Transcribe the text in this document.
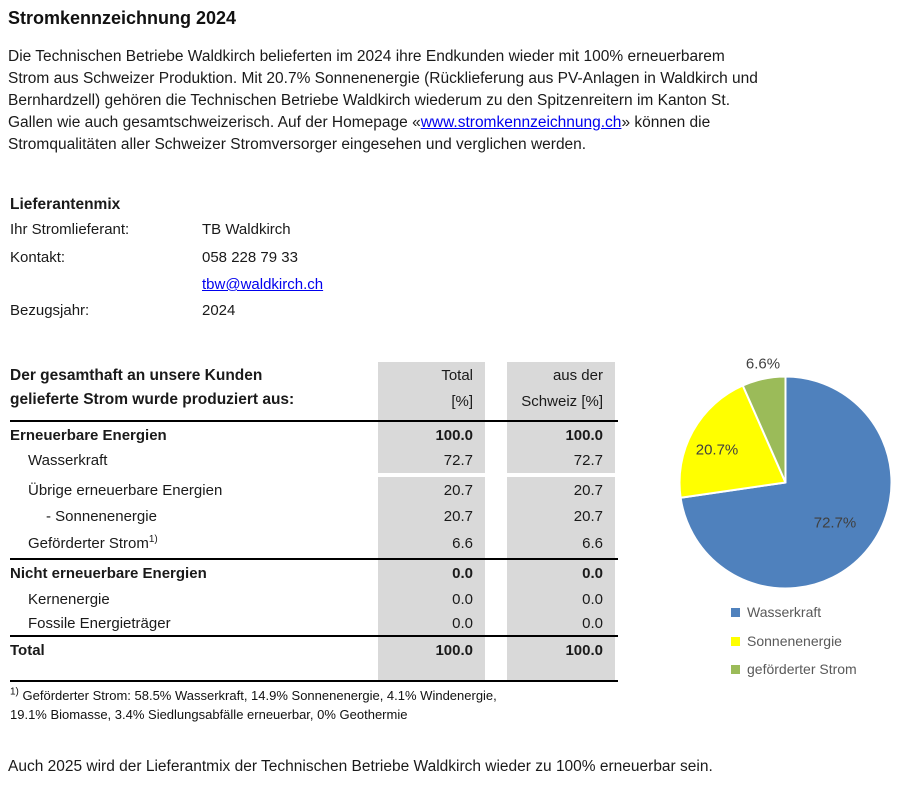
Stromkennzeichnung 2024
Die Technischen Betriebe Waldkirch belieferten im 2024 ihre Endkunden wieder mit 100% erneuerbarem
Strom aus Schweizer Produktion. Mit 20.7% Sonnenenergie (Rücklieferung aus PV-Anlagen in Waldkirch und
Bernhardzell) gehören die Technischen Betriebe Waldkirch wiederum zu den Spitzenreitern im Kanton St.
Gallen wie auch gesamtschweizerisch. Auf der Homepage «www.stromkennzeichnung.ch» können die
Stromqualitäten aller Schweizer Stromversorger eingesehen und verglichen werden.
Lieferantenmix
Ihr Stromlieferant:	TB Waldkirch
Kontakt:	058 228 79 33
tbw@waldkirch.ch
Bezugsjahr:	2024
Der gesamthaft an unsere Kunden
gelieferte Strom wurde produziert aus:
Total
[%]
aus der
Schweiz [%]
Erneuerbare Energien	100.0	100.0
Wasserkraft	72.7	72.7
Übrige erneuerbare Energien	20.7	20.7
- Sonnenenergie	20.7	20.7
Geförderter Strom$^{1)}$	6.6	6.6
Nicht erneuerbare Energien	0.0	0.0
Kernenergie	0.0	0.0
Fossile Energieträger	0.0	0.0
Total	100.0	100.0
$^{1)}$ Geförderter Strom: 58.5% Wasserkraft, 14.9% Sonnenenergie, 4.1% Windenergie,
19.1% Biomasse, 3.4% Siedlungsabfälle erneuerbar, 0% Geothermie
Auch 2025 wird der Lieferantmix der Technischen Betriebe Waldkirch wieder zu 100% erneuerbar sein.
6.6%
20.7%
72.7%
Wasserkraft
Sonnenenergie
geförderter Strom
